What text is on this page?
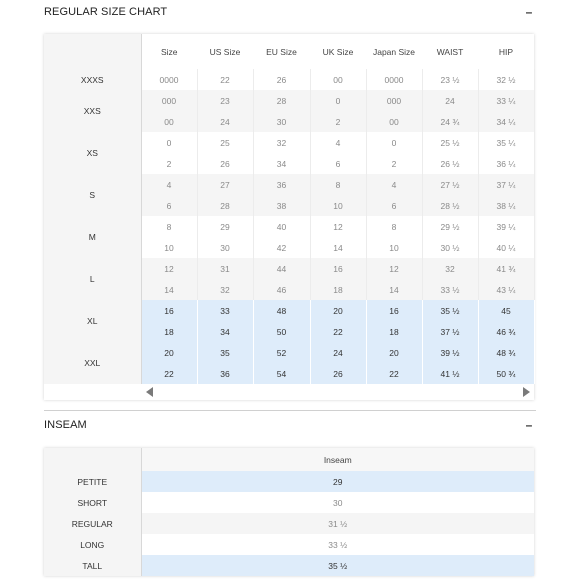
REGULAR SIZE CHART	–
	Size	US Size	EU Size	UK Size	Japan Size	WAIST	HIP
XXXS	0000	22	26	00	0000	23 ½	32 ½
XXS	000	23	28	0	000	24	33 ¼
	00	24	30	2	00	24 ¾	34 ¼
XS	0	25	32	4	0	25 ½	35 ¼
	2	26	34	6	2	26 ½	36 ¼
S	4	27	36	8	4	27 ½	37 ¼
	6	28	38	10	6	28 ½	38 ¼
M	8	29	40	12	8	29 ½	39 ¼
	10	30	42	14	10	30 ½	40 ¼
L	12	31	44	16	12	32	41 ¾
	14	32	46	18	14	33 ½	43 ¼
XL	16	33	48	20	16	35 ½	45
	18	34	50	22	18	37 ½	46 ¾
XXL	20	35	52	24	20	39 ½	48 ¾
	22	36	54	26	22	41 ½	50 ¾
INSEAM	–
	Inseam
PETITE	29
SHORT	30
REGULAR	31 ½
LONG	33 ½
TALL	35 ½
